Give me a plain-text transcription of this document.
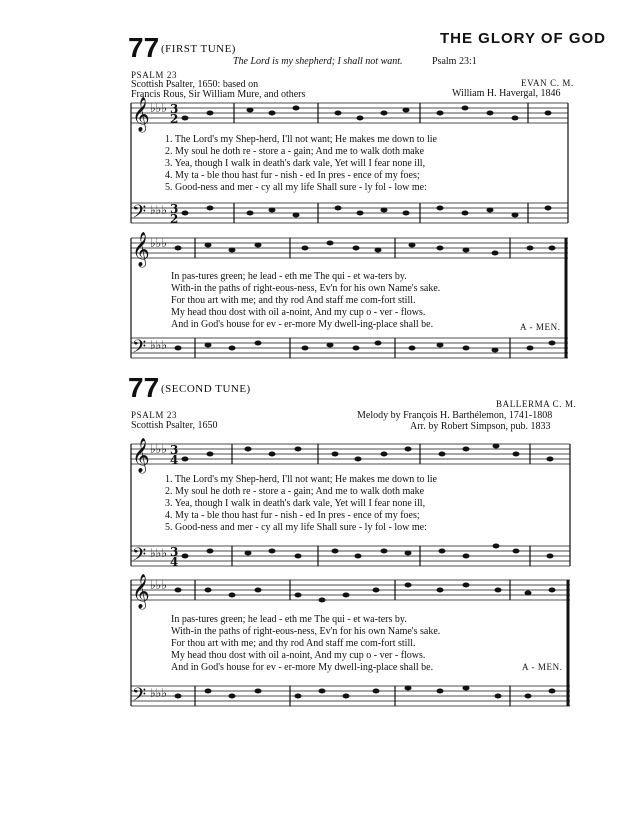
THE GLORY OF GOD
77 (FIRST TUNE)
The Lord is my shepherd; I shall not want.	Psalm 23:1
PSALM 23
Scottish Psalter, 1650: based on
Francis Rous, Sir William Mure, and others
EVAN C. M.
William H. Havergal, 1846
𝄞
𝄢
𝄞
𝄢
♭♭♭
♭♭♭
♭♭♭
♭♭♭
3
2
3
2
1. The Lord's my Shep-herd, I'll not want; He makes me down to lie
2. My soul he doth re - store a - gain; And me to walk doth make
3. Yea, though I walk in death's dark vale, Yet will I fear none ill,
4. My ta - ble thou hast fur - nish - ed In pres - ence of my foes;
5. Good-ness and mer - cy all my life Shall sure - ly fol - low me:
In pas-tures green; he lead - eth me The qui - et wa-ters by.
With-in the paths of right-eous-ness, Ev'n for his own Name's sake.
For thou art with me; and thy rod And staff me com-fort still.
My head thou dost with oil a-noint, And my cup o - ver - flows.
And in God's house for ev - er-more My dwell-ing-place shall be.	A - MEN.
77 (SECOND TUNE)
BALLERMA C. M.
PSALM 23
Scottish Psalter, 1650
Melody by François H. Barthélemon, 1741-1808
Arr. by Robert Simpson, pub. 1833
𝄞
𝄢
𝄞
𝄢
♭♭♭
♭♭♭
♭♭♭
♭♭♭
3
4
3
4
1. The Lord's my Shep-herd, I'll not want; He makes me down to lie
2. My soul he doth re - store a - gain; And me to walk doth make
3. Yea, though I walk in death's dark vale, Yet will I fear none ill,
4. My ta - ble thou hast fur - nish - ed In pres - ence of my foes;
5. Good-ness and mer - cy all my life Shall sure - ly fol - low me:
In pas-tures green; he lead - eth me The qui - et wa-ters by.
With-in the paths of right-eous-ness, Ev'n for his own Name's sake.
For thou art with me; and thy rod And staff me com-fort still.
My head thou dost with oil a-noint, And my cup o - ver - flows.
And in God's house for ev - er-more My dwell-ing-place shall be.	A - MEN.
